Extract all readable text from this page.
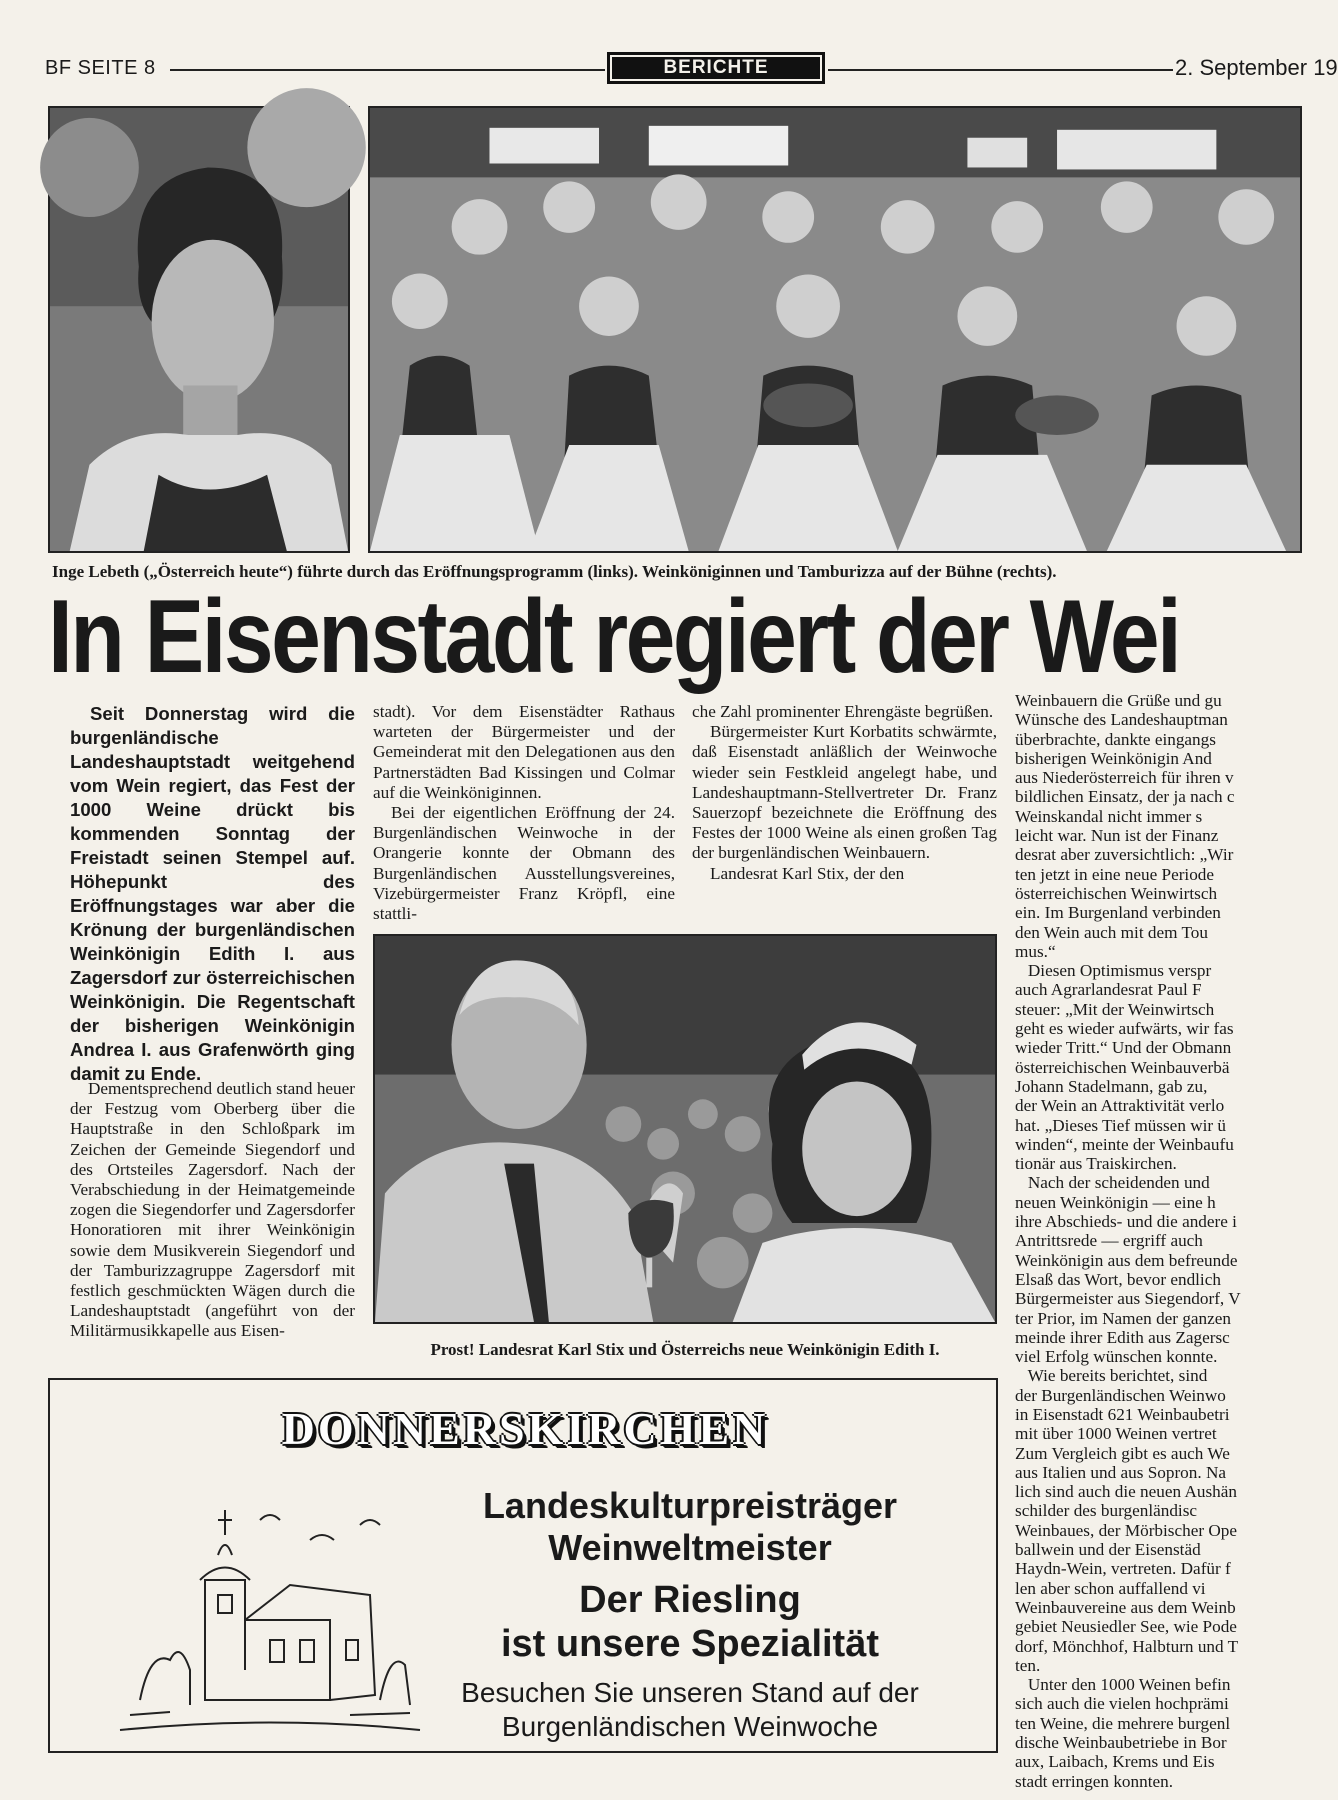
BF SEITE 8	BERICHTE	2. September 19
Inge Lebeth („Österreich heute“) führte durch das Eröffnungsprogramm (links). Weinköniginnen und Tamburizza auf der Bühne (rechts).
In Eisenstadt regiert der Wei
Seit Donnerstag wird die burgenländische Landeshauptstadt weitgehend vom Wein regiert, das Fest der 1000 Weine drückt bis kommenden Sonntag der Freistadt seinen Stempel auf. Höhepunkt des Eröffnungstages war aber die Krönung der burgenländischen Weinkönigin Edith I. aus Zagersdorf zur österreichischen Weinkönigin. Die Regentschaft der bisherigen Weinkönigin Andrea I. aus Grafenwörth ging damit zu Ende.

Dementsprechend deutlich stand heuer der Festzug vom Oberberg über die Hauptstraße in den Schloßpark im Zeichen der Gemeinde Siegendorf und des Ortsteiles Zagersdorf. Nach der Verabschiedung in der Heimatgemeinde zogen die Siegendorfer und Zagersdorfer Honoratioren mit ihrer Weinkönigin sowie dem Musikverein Siegendorf und der Tamburizzagruppe Zagersdorf mit festlich geschmückten Wägen durch die Landeshauptstadt (angeführt von der Militärmusikkapelle aus Eisen-

stadt). Vor dem Eisenstädter Rathaus warteten der Bürgermeister und der Gemeinderat mit den Delegationen aus den Partnerstädten Bad Kissingen und Colmar auf die Weinköniginnen.

Bei der eigentlichen Eröffnung der 24. Burgenländischen Weinwoche in der Orangerie konnte der Obmann des Burgenländischen Ausstellungsvereines, Vizebürgermeister Franz Kröpfl, eine stattli-

che Zahl prominenter Ehrengäste begrüßen.

Bürgermeister Kurt Korbatits schwärmte, daß Eisenstadt anläßlich der Weinwoche wieder sein Festkleid angelegt habe, und Landeshauptmann-Stellvertreter Dr. Franz Sauerzopf bezeichnete die Eröffnung des Festes der 1000 Weine als einen großen Tag der burgenländischen Weinbauern.

Landesrat Karl Stix, der den

Prost! Landesrat Karl Stix und Österreichs neue Weinkönigin Edith I.
Weinbauern die Grüße und gu
Wünsche des Landeshauptman
überbrachte, dankte eingangs
bisherigen Weinkönigin And
aus Niederösterreich für ihren v
bildlichen Einsatz, der ja nach c
Weinskandal nicht immer s
leicht war. Nun ist der Finanz
desrat aber zuversichtlich: „Wir
ten jetzt in eine neue Periode
österreichischen Weinwirtsch
ein. Im Burgenland verbinden
den Wein auch mit dem Tou
mus.“
Diesen Optimismus verspr
auch Agrarlandesrat Paul F
steuer: „Mit der Weinwirtsch
geht es wieder aufwärts, wir fas
wieder Tritt.“ Und der Obmann
österreichischen Weinbauverbä
Johann Stadelmann, gab zu,
der Wein an Attraktivität verlo
hat. „Dieses Tief müssen wir ü
winden“, meinte der Weinbaufu
tionär aus Traiskirchen.
Nach der scheidenden und
neuen Weinkönigin — eine h
ihre Abschieds- und die andere i
Antrittsrede — ergriff auch
Weinkönigin aus dem befreunde
Elsaß das Wort, bevor endlich
Bürgermeister aus Siegendorf, V
ter Prior, im Namen der ganzen
meinde ihrer Edith aus Zagersc
viel Erfolg wünschen konnte.
Wie bereits berichtet, sind
der Burgenländischen Weinwo
in Eisenstadt 621 Weinbaubetri
mit über 1000 Weinen vertret
Zum Vergleich gibt es auch We
aus Italien und aus Sopron. Na
lich sind auch die neuen Aushän
schilder des burgenländisc
Weinbaues, der Mörbischer Ope
ballwein und der Eisenstäd
Haydn-Wein, vertreten. Dafür f
len aber schon auffallend vi
Weinbauvereine aus dem Weinb
gebiet Neusiedler See, wie Pode
dorf, Mönchhof, Halbturn und T
ten.
Unter den 1000 Weinen befin
sich auch die vielen hochprämi
ten Weine, die mehrere burgenl
dische Weinbaubetriebe in Bor
aux, Laibach, Krems und Eis
stadt erringen konnten.
DONNERSKIRCHEN
Landeskulturpreisträger
Weinweltmeister
Der Riesling
ist unsere Spezialität
Besuchen Sie unseren Stand auf der
Burgenländischen Weinwoche
